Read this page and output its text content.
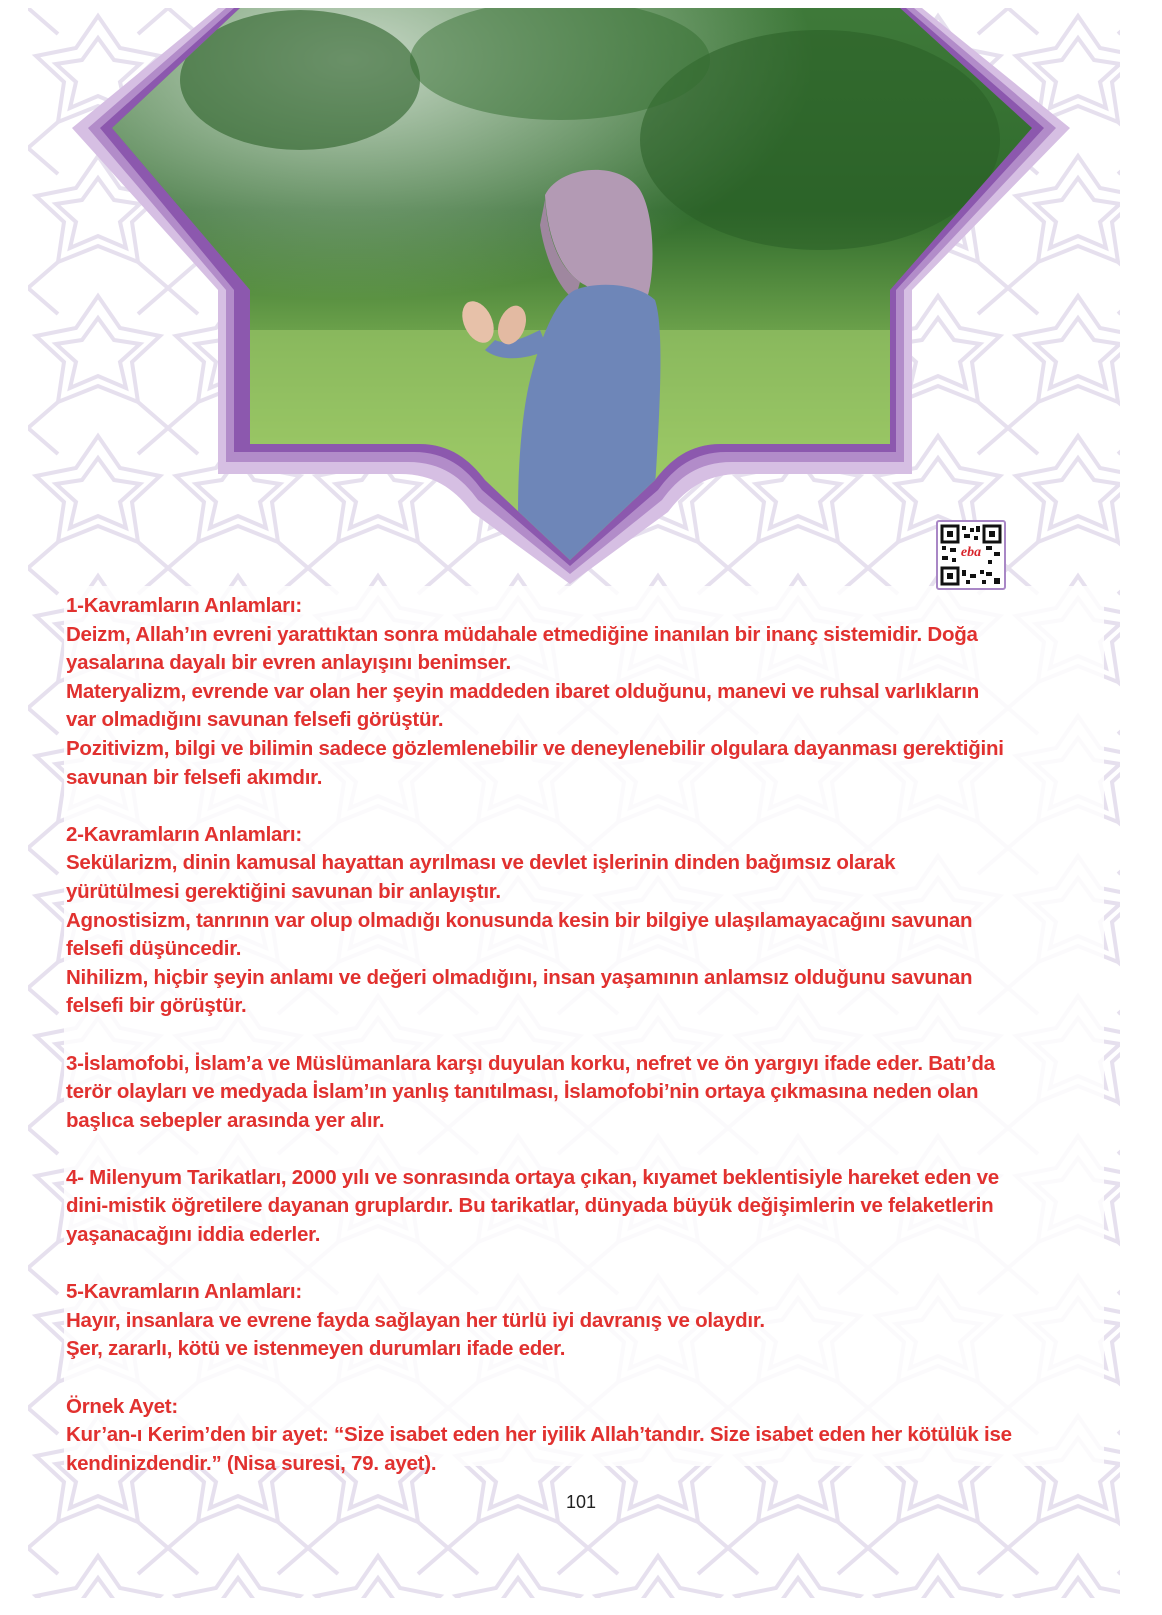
eba

1-Kavramların Anlamları:

Deizm, Allah’ın evreni yarattıktan sonra müdahale etmediğine inanılan bir inanç sistemidir. Doğa

yasalarına dayalı bir evren anlayışını benimser.

Materyalizm, evrende var olan her şeyin maddeden ibaret olduğunu, manevi ve ruhsal varlıkların

var olmadığını savunan felsefi görüştür.

Pozitivizm, bilgi ve bilimin sadece gözlemlenebilir ve deneylenebilir olgulara dayanması gerektiğini

savunan bir felsefi akımdır.

2-Kavramların Anlamları:

Sekülarizm, dinin kamusal hayattan ayrılması ve devlet işlerinin dinden bağımsız olarak

yürütülmesi gerektiğini savunan bir anlayıştır.

Agnostisizm, tanrının var olup olmadığı konusunda kesin bir bilgiye ulaşılamayacağını savunan

felsefi düşüncedir.

Nihilizm, hiçbir şeyin anlamı ve değeri olmadığını, insan yaşamının anlamsız olduğunu savunan

felsefi bir görüştür.

3-İslamofobi, İslam’a ve Müslümanlara karşı duyulan korku, nefret ve ön yargıyı ifade eder. Batı’da

terör olayları ve medyada İslam’ın yanlış tanıtılması, İslamofobi’nin ortaya çıkmasına neden olan

başlıca sebepler arasında yer alır.

4- Milenyum Tarikatları, 2000 yılı ve sonrasında ortaya çıkan, kıyamet beklentisiyle hareket eden ve

dini-mistik öğretilere dayanan gruplardır. Bu tarikatlar, dünyada büyük değişimlerin ve felaketlerin

yaşanacağını iddia ederler.

5-Kavramların Anlamları:

Hayır, insanlara ve evrene fayda sağlayan her türlü iyi davranış ve olaydır.

Şer, zararlı, kötü ve istenmeyen durumları ifade eder.

Örnek Ayet:

Kur’an-ı Kerim’den bir ayet: “Size isabet eden her iyilik Allah’tandır. Size isabet eden her kötülük ise

kendinizdendir.” (Nisa suresi, 79. ayet).

101
